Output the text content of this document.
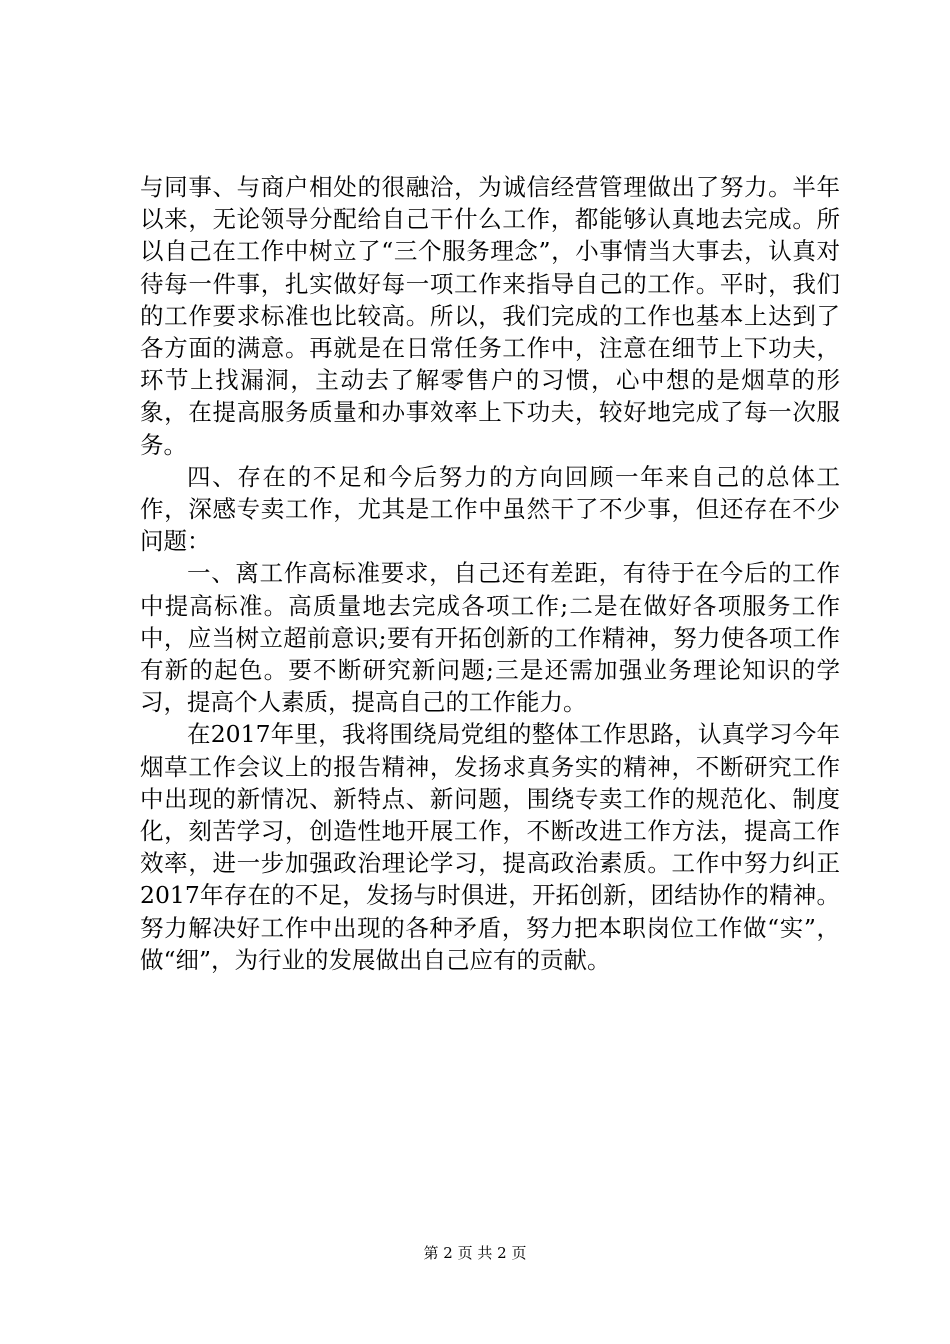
与同事、与商户相处的很融洽，为诚信经营管理做出了努力。半年以来，无论领导分配给自己干什么工作，都能够认真地去完成。所以自己在工作中树立了“三个服务理念”，小事情当大事去，认真对待每一件事，扎实做好每一项工作来指导自己的工作。平时，我们的工作要求标准也比较高。所以，我们完成的工作也基本上达到了各方面的满意。再就是在日常任务工作中，注意在细节上下功夫，环节上找漏洞，主动去了解零售户的习惯，心中想的是烟草的形象，在提高服务质量和办事效率上下功夫，较好地完成了每一次服务。

四、存在的不足和今后努力的方向回顾一年来自己的总体工作，深感专卖工作，尤其是工作中虽然干了不少事，但还存在不少问题：

一、离工作高标准要求，自己还有差距，有待于在今后的工作中提高标准。高质量地去完成各项工作;二是在做好各项服务工作中，应当树立超前意识;要有开拓创新的工作精神，努力使各项工作有新的起色。要不断研究新问题;三是还需加强业务理论知识的学习，提高个人素质，提高自己的工作能力。

在2017年里，我将围绕局党组的整体工作思路，认真学习今年烟草工作会议上的报告精神，发扬求真务实的精神，不断研究工作中出现的新情况、新特点、新问题，围绕专卖工作的规范化、制度化，刻苦学习，创造性地开展工作，不断改进工作方法，提高工作效率，进一步加强政治理论学习，提高政治素质。工作中努力纠正2017年存在的不足，发扬与时俱进，开拓创新，团结协作的精神。努力解决好工作中出现的各种矛盾，努力把本职岗位工作做“实”，做“细”，为行业的发展做出自己应有的贡献。

第 2 页 共 2 页
